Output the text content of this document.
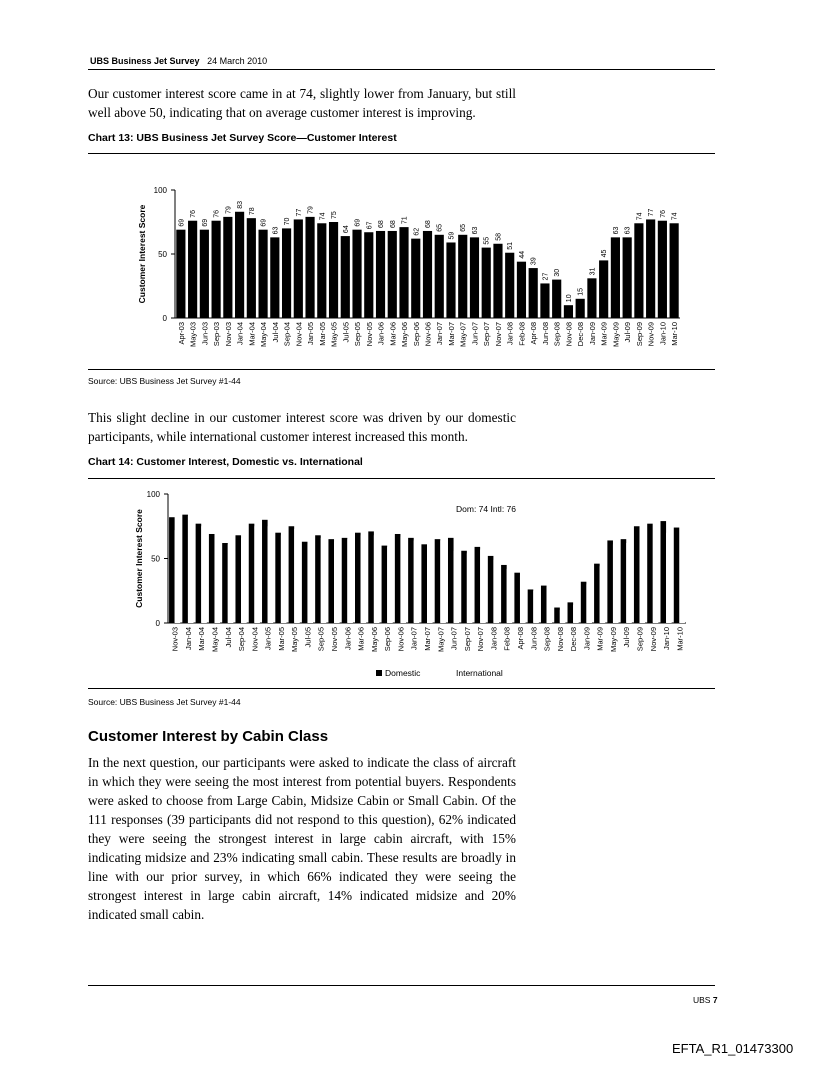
UBS Business Jet Survey 24 March 2010
Our customer interest score came in at 74, slightly lower from January, but still well above 50, indicating that on average customer interest is improving.
Chart 13: UBS Business Jet Survey Score—Customer Interest
0
50
100
Customer Interest Score	69
Apr-03
76
May-03
69
Jun-03
76
Sep-03
79
Nov-03
83
Jan-04
78
Mar-04
69
May-04
63
Jul-04
70
Sep-04
77
Nov-04
79
Jan-05
74
Mar-05
75
May-05
64
Jul-05
69
Sep-05
67
Nov-05
68
Jan-06
68
Mar-06
71
May-06
62
Sep-06
68
Nov-06
65
Jan-07
59
Mar-07
65
May-07
63
Jun-07
55
Sep-07
58
Nov-07
51
Jan-08
44
Feb-08
39
Apr-08
27
Jun-08
30
Sep-08
10
Nov-08
15
Dec-08
31
Jan-09
45
Mar-09
63
May-09
63
Jul-09
74
Sep-09
77
Nov-09
76
Jan-10
74
Mar-10
Source: UBS Business Jet Survey #1-44
This slight decline in our customer interest score was driven by our domestic participants, while international customer interest increased this month.
Chart 14: Customer Interest, Domestic vs. International
0
50
100
Customer Interest Score
Nov-03 Jan-04 Mar-04 May-04 Jul-04 Sep-04 Nov-04 Jan-05 Mar-05 May-05 Jul-05 Sep-05 Nov-05 Jan-06 Mar-06 May-06 Sep-06 Nov-06 Jan-07 Mar-07 May-07 Jun-07 Sep-07 Nov-07 Jan-08 Feb-08 Apr-08 Jun-08 Sep-08 Nov-08 Dec-08 Jan-09 Mar-09 May-09 Jul-09 Sep-09 Nov-09 Jan-10 Mar-10
Dom: 74 Intl: 76
Domestic	International
Source: UBS Business Jet Survey #1-44
Customer Interest by Cabin Class
In the next question, our participants were asked to indicate the class of aircraft in which they were seeing the most interest from potential buyers. Respondents were asked to choose from Large Cabin, Midsize Cabin or Small Cabin. Of the 111 responses (39 participants did not respond to this question), 62% indicated they were seeing the strongest interest in large cabin aircraft, with 15% indicating midsize and 23% indicating small cabin. These results are broadly in line with our prior survey, in which 66% indicated they were seeing the strongest interest in large cabin aircraft, 14% indicated midsize and 20% indicated small cabin.
UBS 7
EFTA_R1_01473300
